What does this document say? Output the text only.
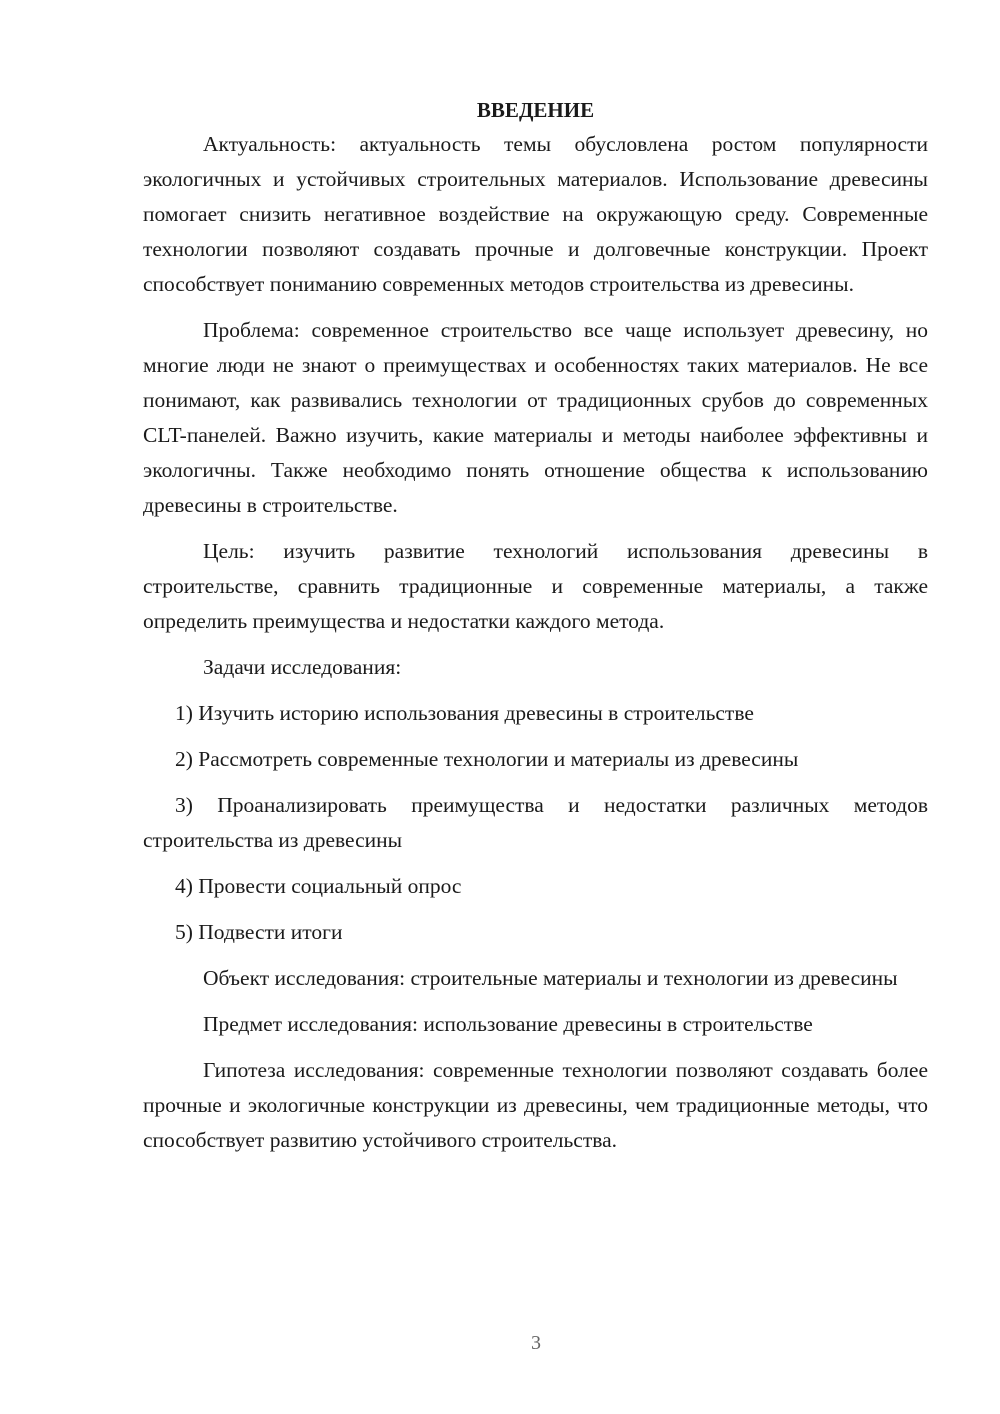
ВВЕДЕНИЕ

Актуальность: актуальность темы обусловлена ростом популярности экологичных и устойчивых строительных материалов. Использование древесины помогает снизить негативное воздействие на окружающую среду. Современные технологии позволяют создавать прочные и долговечные конструкции. Проект способствует пониманию современных методов строительства из древесины.

Проблема: современное строительство все чаще использует древесину, но многие люди не знают о преимуществах и особенностях таких материалов. Не все понимают, как развивались технологии от традиционных срубов до современных CLT-панелей. Важно изучить, какие материалы и методы наиболее эффективны и экологичны. Также необходимо понять отношение общества к использованию древесины в строительстве.

Цель: изучить развитие технологий использования древесины в строительстве, сравнить традиционные и современные материалы, а также определить преимущества и недостатки каждого метода.

Задачи исследования:

1) Изучить историю использования древесины в строительстве

2) Рассмотреть современные технологии и материалы из древесины

3) Проанализировать преимущества и недостатки различных методов строительства из древесины

4) Провести социальный опрос

5) Подвести итоги

Объект исследования: строительные материалы и технологии из древесины

Предмет исследования: использование древесины в строительстве

Гипотеза исследования: современные технологии позволяют создавать более прочные и экологичные конструкции из древесины, чем традиционные методы, что способствует развитию устойчивого строительства.

3
